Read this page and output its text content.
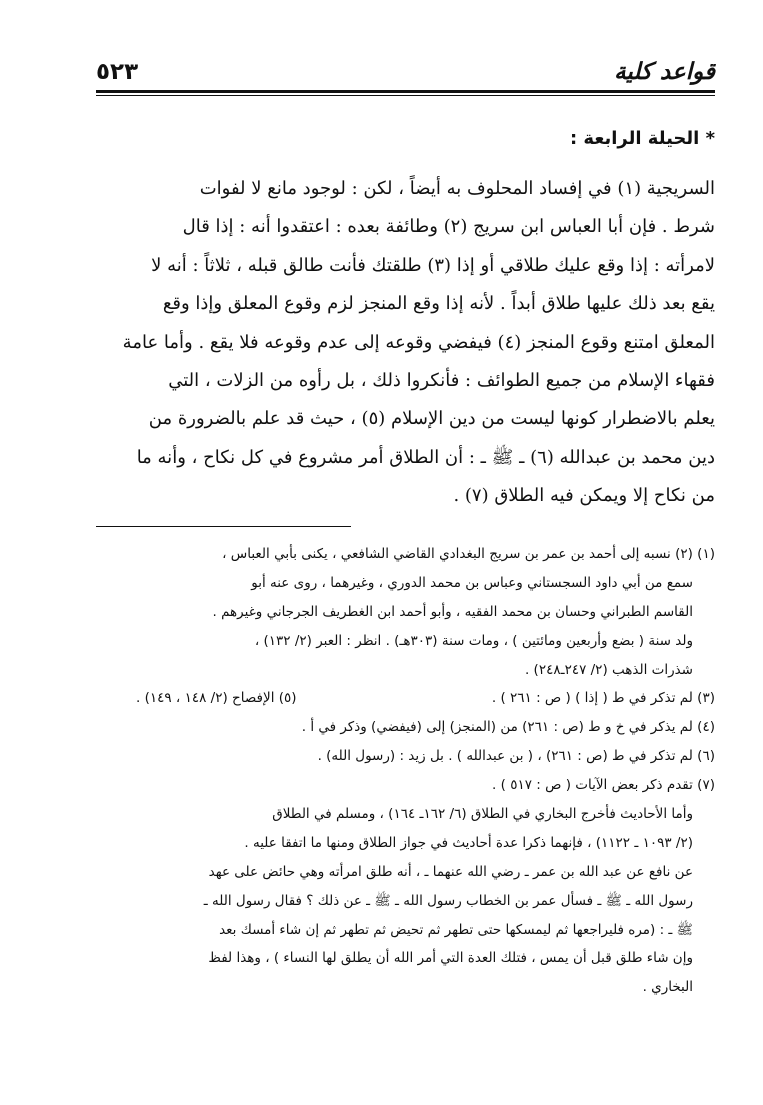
قواعد كلية
٥٢٣
* الحيلة الرابعة :
السريجية (١) في إفساد المحلوف به أيضاً ، لكن : لوجود مانع لا لفوات
شرط . فإن أبا العباس ابن سريج (٢) وطائفة بعده : اعتقدوا أنه : إذا قال
لامرأته : إذا وقع عليك طلاقي أو إذا (٣) طلقتك فأنت طالق قبله ، ثلاثاً : أنه لا
يقع بعد ذلك عليها طلاق أبداً . لأنه إذا وقع المنجز لزم وقوع المعلق وإذا وقع
المعلق امتنع وقوع المنجز (٤) فيفضي وقوعه إلى عدم وقوعه فلا يقع . وأما عامة
فقهاء الإسلام من جميع الطوائف : فأنكروا ذلك ، بل رأوه من الزلات ، التي
يعلم بالاضطرار كونها ليست من دين الإسلام (٥) ، حيث قد علم بالضرورة من
دين محمد بن عبدالله (٦) ـ ﷺ ـ : أن الطلاق أمر مشروع في كل نكاح ، وأنه ما
من نكاح إلا ويمكن فيه الطلاق (٧) .
(١) (٢) نسبه إلى أحمد بن عمر بن سريج البغدادي القاضي الشافعي ، يكنى بأبي العباس ،
سمع من أبي داود السجستاني وعباس بن محمد الدوري ، وغيرهما ، روى عنه أبو
القاسم الطبراني وحسان بن محمد الفقيه ، وأبو أحمد ابن الغطريف الجرجاني وغيرهم .
ولد سنة ( بضع وأربعين ومائتين ) ، ومات سنة (٣٠٣هـ) . انظر : العبر (٢/ ١٣٢) ،
شذرات الذهب (٢/ ٢٤٧ـ٢٤٨) .
(٣) لم تذكر في ط ( إذا ) ( ص : ٢٦١ ) .
(٥) الإفصاح (٢/ ١٤٨ ، ١٤٩) .
(٤) لم يذكر في خ و ط (ص : ٢٦١) من (المنجز) إلى (فيفضي) وذكر في أ .
(٦) لم تذكر في ط (ص : ٢٦١) ، ( بن عبدالله ) . بل زيد : (رسول الله) .
(٧) تقدم ذكر بعض الآيات ( ص : ٥١٧ ) .
وأما الأحاديث فأخرج البخاري في الطلاق (٦/ ١٦٢ـ ١٦٤) ، ومسلم في الطلاق
(٢/ ١٠٩٣ ـ ١١٢٢) ، فإنهما ذكرا عدة أحاديث في جواز الطلاق ومنها ما اتفقا عليه .
عن نافع عن عبد الله بن عمر ـ رضي الله عنهما ـ ، أنه طلق امرأته وهي حائض على عهد
رسول الله ـ ﷺ ـ فسأل عمر بن الخطاب رسول الله ـ ﷺ ـ عن ذلك ؟ فقال رسول الله ـ
ﷺ ـ : (مره فليراجعها ثم ليمسكها حتى تطهر ثم تحيض ثم تطهر ثم إن شاء أمسك بعد
وإن شاء طلق قبل أن يمس ، فتلك العدة التي أمر الله أن يطلق لها النساء ) ، وهذا لفظ
البخاري .
